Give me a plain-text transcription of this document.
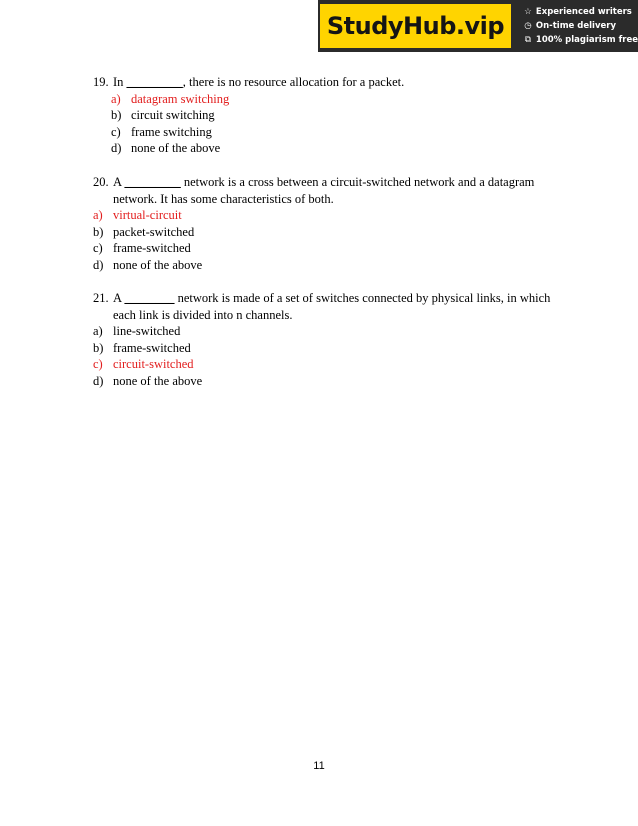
StudyHub.vip ☆ Experienced writers
◷ On-time delivery
⧉ 100% plagiarism free
19. In _________, there is no resource allocation for a packet.
a) datagram switching
b) circuit switching
c) frame switching
d) none of the above
20. A _________ network is a cross between a circuit-switched network and a datagram network. It has some characteristics of both.
a) virtual-circuit
b) packet-switched
c) frame-switched
d) none of the above
21. A ________ network is made of a set of switches connected by physical links, in which each link is divided into n channels.
a) line-switched
b) frame-switched
c) circuit-switched
d) none of the above
11
